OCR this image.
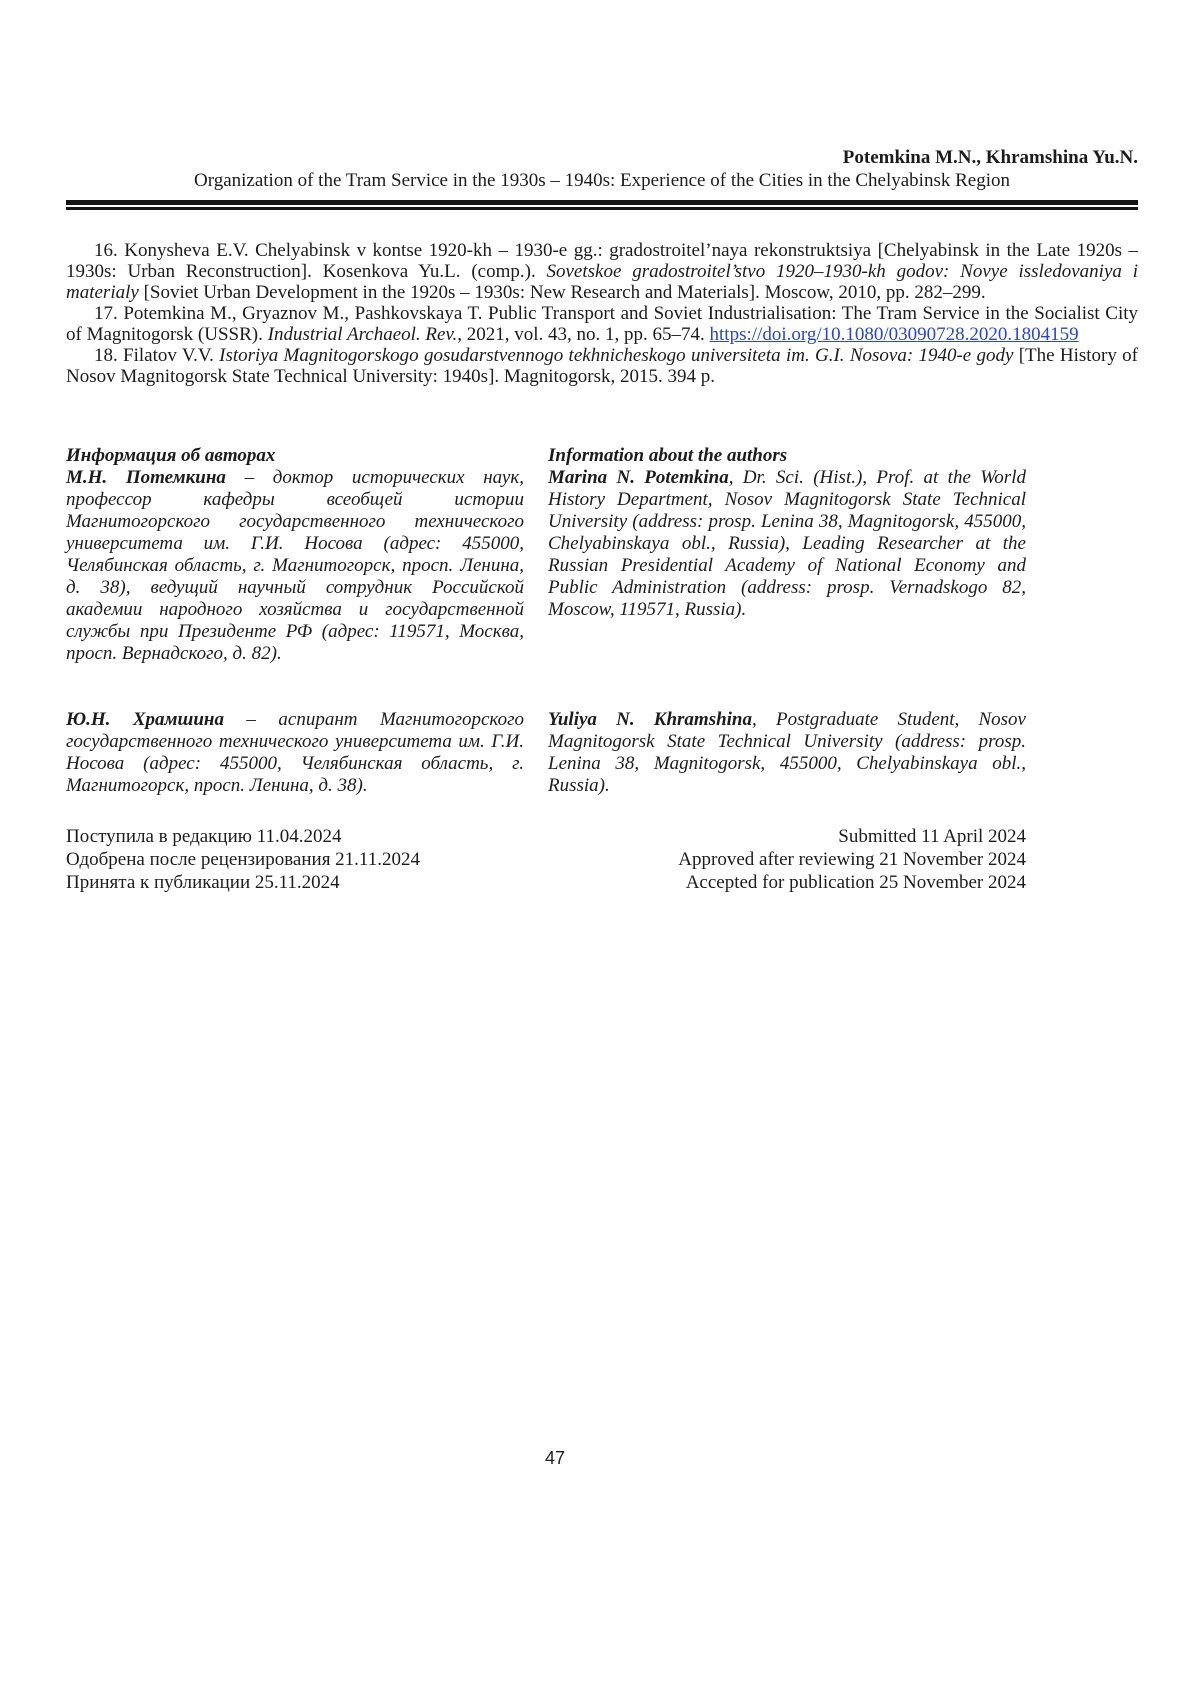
Potemkina M.N., Khramshina Yu.N.
Organization of the Tram Service in the 1930s – 1940s: Experience of the Cities in the Chelyabinsk Region

16. Konysheva E.V. Chelyabinsk v kontse 1920-kh – 1930-e gg.: gradostroitel’naya rekonstruktsiya [Chelyabinsk in the Late 1920s – 1930s: Urban Reconstruction]. Kosenkova Yu.L. (comp.). Sovetskoe gradostroitel’stvo 1920–1930-kh godov: Novye issledovaniya i materialy [Soviet Urban Development in the 1920s – 1930s: New Research and Materials]. Moscow, 2010, pp. 282–299.

17. Potemkina M., Gryaznov M., Pashkovskaya T. Public Transport and Soviet Industrialisation: The Tram Service in the Socialist City of Magnitogorsk (USSR). Industrial Archaeol. Rev., 2021, vol. 43, no. 1, pp. 65–74. https://doi.org/10.1080/03090728.2020.1804159

18. Filatov V.V. Istoriya Magnitogorskogo gosudarstvennogo tekhnicheskogo universiteta im. G.I. Nosova: 1940-e gody [The History of Nosov Magnitogorsk State Technical University: 1940s]. Magnitogorsk, 2015. 394 p.

Информация об авторах	Information about the authors
М.Н. Потемкина – доктор исторических наук, профессор кафедры всеобщей истории Магнитогорского государственного технического университета им. Г.И. Носова (адрес: 455000, Челябинская область, г. Магнитогорск, просп. Ленина, д. 38), ведущий научный сотрудник Российской академии народного хозяйства и государственной службы при Президенте РФ (адрес: 119571, Москва, просп. Вернадского, д. 82).
Marina N. Potemkina, Dr. Sci. (Hist.), Prof. at the World History Department, Nosov Magnitogorsk State Technical University (address: prosp. Lenina 38, Magnitogorsk, 455000, Chelyabinskaya obl., Russia), Leading Researcher at the Russian Presidential Academy of National Economy and Public Administration (address: prosp. Vernadskogo 82, Moscow, 119571, Russia).
Ю.Н. Храмшина – аспирант Магнитогорского государственного технического университета им. Г.И. Носова (адрес: 455000, Челябинская область, г. Магнитогорск, просп. Ленина, д. 38).
Yuliya N. Khramshina, Postgraduate Student, Nosov Magnitogorsk State Technical University (address: prosp. Lenina 38, Magnitogorsk, 455000, Chelyabinskaya obl., Russia).
Поступила в редакцию 11.04.2024
Одобрена после рецензирования 21.11.2024
Принята к публикации 25.11.2024
Submitted 11 April 2024
Approved after reviewing 21 November 2024
Accepted for publication 25 November 2024
47
